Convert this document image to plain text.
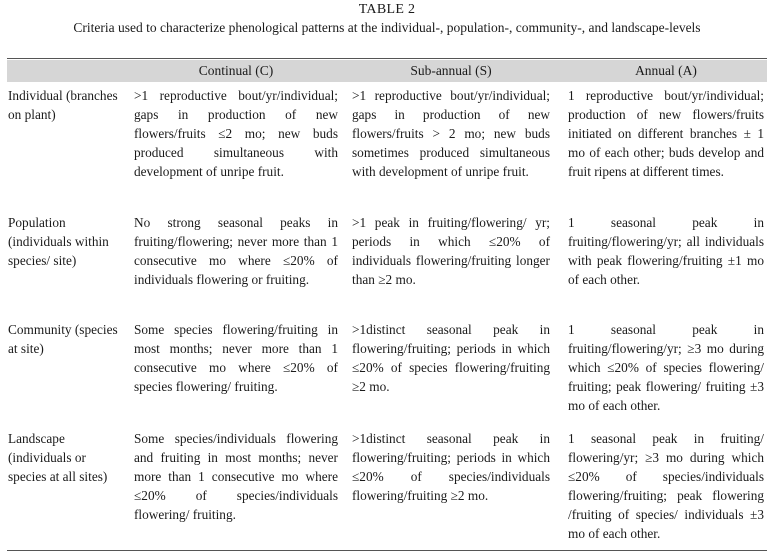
TABLE 2
Criteria used to characterize phenological patterns at the individual-, population-, community-, and landscape-levels
Continual (C)	Sub-annual (S)	Annual (A)
Individual (branches on plant)
>1 reproductive bout/yr/individual; gaps in production of new flowers/fruits ≤2 mo; new buds produced simultaneous with development of unripe fruit.
>1 reproductive bout/yr/individual; gaps in production of new flowers/fruits > 2 mo; new buds sometimes produced simultaneous with development of unripe fruit.
1 reproductive bout/yr/individual; production of new flowers/fruits initiated on different branches ± 1 mo of each other; buds develop and fruit ripens at different times.
Population (individuals within species/ site)
No strong seasonal peaks in fruiting/flowering; never more than 1 consecutive mo where ≤20% of individuals flowering or fruiting.
>1 peak in fruiting/flowering/ yr; periods in which ≤20% of individuals flowering/fruiting longer than ≥2 mo.
1 seasonal peak in fruiting/flowering/yr; all individuals with peak flowering/fruiting ±1 mo of each other.
Community (species at site)
Some species flowering/fruiting in most months; never more than 1 consecutive mo where ≤20% of species flowering/ fruiting.
>1distinct seasonal peak in flowering/fruiting; periods in which ≤20% of species flowering/fruiting ≥2 mo.
1 seasonal peak in fruiting/flowering/yr; ≥3 mo during which ≤20% of species flowering/ fruiting; peak flowering/ fruiting ±3 mo of each other.
Landscape (individuals or species at all sites)
Some species/individuals flowering and fruiting in most months; never more than 1 consecutive mo where ≤20% of species/individuals flowering/ fruiting.
>1distinct seasonal peak in flowering/fruiting; periods in which ≤20% of species/individuals flowering/fruiting ≥2 mo.
1 seasonal peak in fruiting/ flowering/yr; ≥3 mo during which ≤20% of species/individuals flowering/fruiting; peak flowering /fruiting of species/ individuals ±3 mo of each other.
